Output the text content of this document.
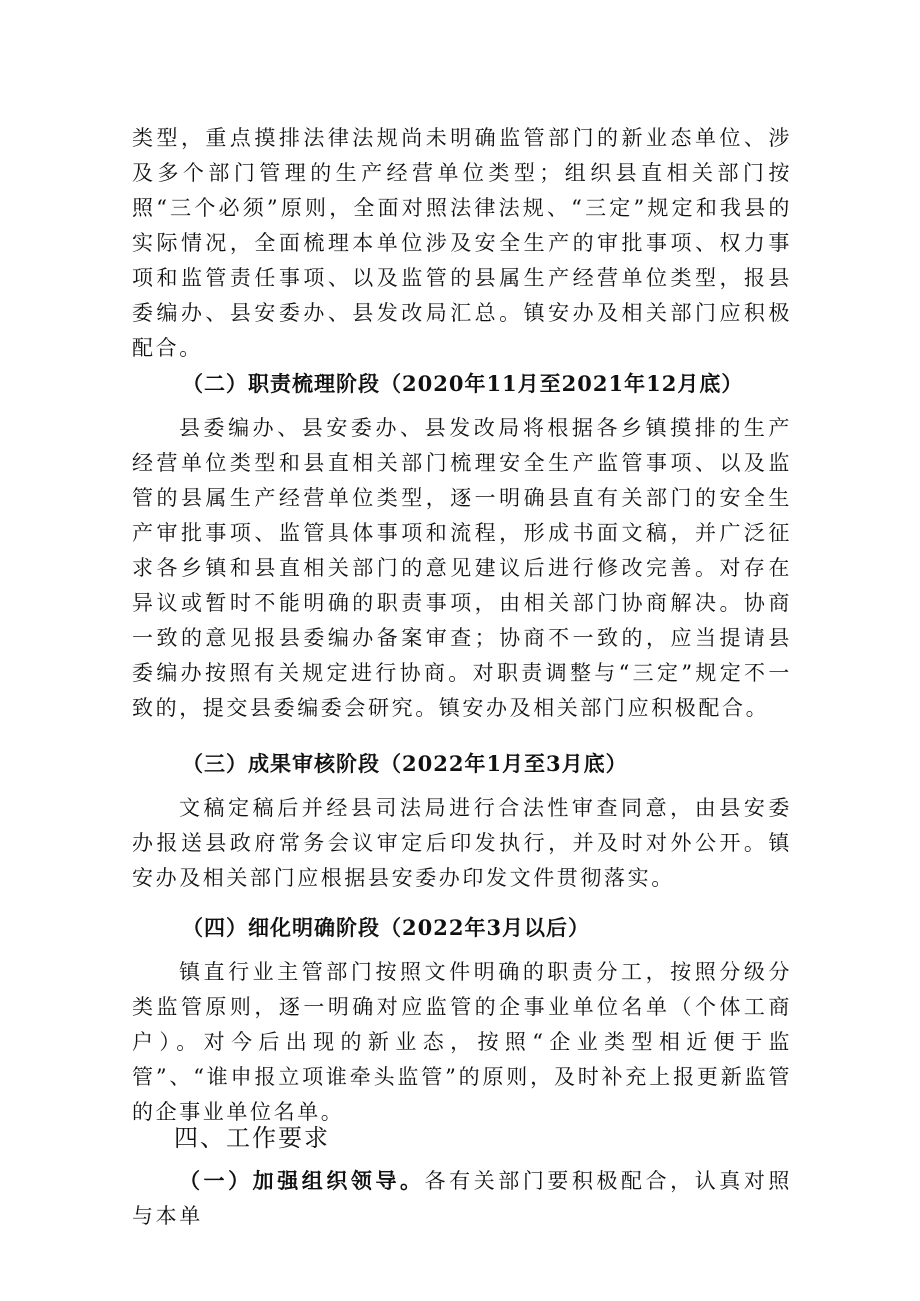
类型，重点摸排法律法规尚未明确监管部门的新业态单位、涉及多个部门管理的生产经营单位类型；组织县直相关部门按照“三个必须”原则，全面对照法律法规、“三定”规定和我县的实际情况，全面梳理本单位涉及安全生产的审批事项、权力事项和监管责任事项、以及监管的县属生产经营单位类型，报县委编办、县安委办、县发改局汇总。镇安办及相关部门应积极配合。

（二）职责梳理阶段（2020年11月至2021年12月底）

县委编办、县安委办、县发改局将根据各乡镇摸排的生产经营单位类型和县直相关部门梳理安全生产监管事项、以及监管的县属生产经营单位类型，逐一明确县直有关部门的安全生产审批事项、监管具体事项和流程，形成书面文稿，并广泛征求各乡镇和县直相关部门的意见建议后进行修改完善。对存在异议或暂时不能明确的职责事项，由相关部门协商解决。协商一致的意见报县委编办备案审查；协商不一致的，应当提请县委编办按照有关规定进行协商。对职责调整与“三定”规定不一致的，提交县委编委会研究。镇安办及相关部门应积极配合。

（三）成果审核阶段（2022年1月至3月底）

文稿定稿后并经县司法局进行合法性审查同意，由县安委办报送县政府常务会议审定后印发执行，并及时对外公开。镇安办及相关部门应根据县安委办印发文件贯彻落实。

（四）细化明确阶段（2022年3月以后）

镇直行业主管部门按照文件明确的职责分工，按照分级分类监管原则，逐一明确对应监管的企事业单位名单（个体工商户）。对今后出现的新业态，按照“企业类型相近便于监管”、“谁申报立项谁牵头监管”的原则，及时补充上报更新监管的企事业单位名单。

四、工作要求

（一）加强组织领导。各有关部门要积极配合，认真对照与本单
